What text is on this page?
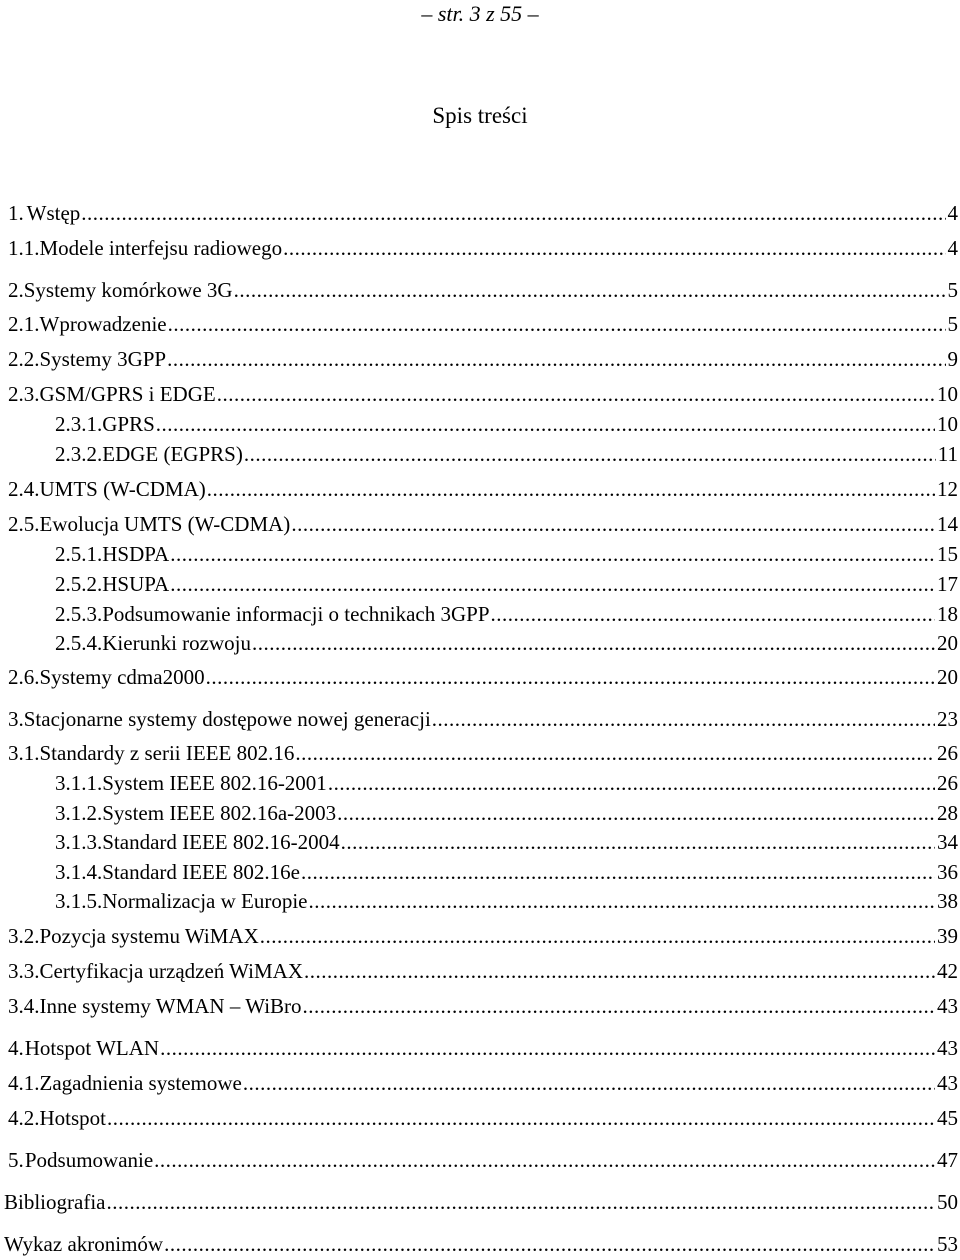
– str. 3 z 55 –
Spis treści
1. Wstęp .....	4
1.1. Modele interfejsu radiowego .....	4
2. Systemy komórkowe 3G .....	5
2.1. Wprowadzenie .....	5
2.2. Systemy 3GPP .....	9
2.3. GSM/GPRS i EDGE .....	10
2.3.1. GPRS .....	10
2.3.2. EDGE (EGPRS) .....	11
2.4. UMTS (W-CDMA) .....	12
2.5. Ewolucja UMTS (W-CDMA) .....	14
2.5.1. HSDPA .....	15
2.5.2. HSUPA .....	17
2.5.3. Podsumowanie informacji o technikach 3GPP .....	18
2.5.4. Kierunki rozwoju .....	20
2.6. Systemy cdma2000 .....	20
3. Stacjonarne systemy dostępowe nowej generacji .....	23
3.1. Standardy z serii IEEE 802.16 .....	26
3.1.1. System IEEE 802.16-2001 .....	26
3.1.2. System IEEE 802.16a-2003 .....	28
3.1.3. Standard IEEE 802.16-2004 .....	34
3.1.4. Standard IEEE 802.16e .....	36
3.1.5. Normalizacja w Europie .....	38
3.2. Pozycja systemu WiMAX .....	39
3.3. Certyfikacja urządzeń WiMAX .....	42
3.4. Inne systemy WMAN – WiBro .....	43
4. Hotspot WLAN .....	43
4.1. Zagadnienia systemowe .....	43
4.2. Hotspot .....	45
5. Podsumowanie .....	47
Bibliografia .....	50
Wykaz akronimów .....	53
